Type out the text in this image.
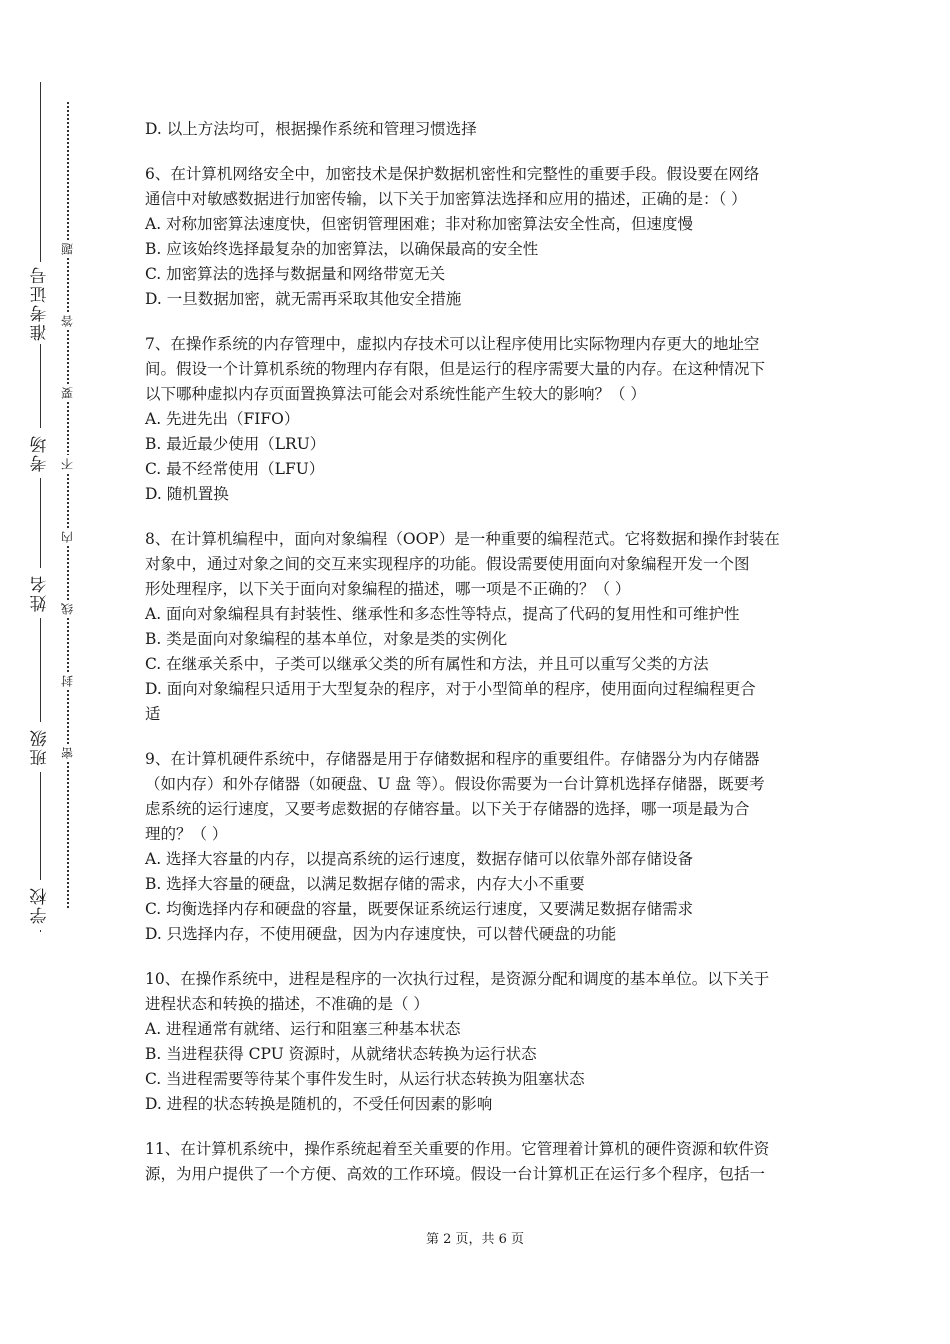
准考证号
考场
姓名
班级
学校
题
答
要
不
内
线
封
密
D. 以上方法均可，根据操作系统和管理习惯选择
6、在计算机网络安全中，加密技术是保护数据机密性和完整性的重要手段。假设要在网络
通信中对敏感数据进行加密传输，以下关于加密算法选择和应用的描述，正确的是：（ ）
A. 对称加密算法速度快，但密钥管理困难；非对称加密算法安全性高，但速度慢
B. 应该始终选择最复杂的加密算法，以确保最高的安全性
C. 加密算法的选择与数据量和网络带宽无关
D. 一旦数据加密，就无需再采取其他安全措施
7、在操作系统的内存管理中，虚拟内存技术可以让程序使用比实际物理内存更大的地址空
间。假设一个计算机系统的物理内存有限，但是运行的程序需要大量的内存。在这种情况下
以下哪种虚拟内存页面置换算法可能会对系统性能产生较大的影响？（ ）
A. 先进先出（FIFO）
B. 最近最少使用（LRU）
C. 最不经常使用（LFU）
D. 随机置换
8、在计算机编程中，面向对象编程（OOP）是一种重要的编程范式。它将数据和操作封装在
对象中，通过对象之间的交互来实现程序的功能。假设需要使用面向对象编程开发一个图
形处理程序，以下关于面向对象编程的描述，哪一项是不正确的？（ ）
A. 面向对象编程具有封装性、继承性和多态性等特点，提高了代码的复用性和可维护性
B. 类是面向对象编程的基本单位，对象是类的实例化
C. 在继承关系中，子类可以继承父类的所有属性和方法，并且可以重写父类的方法
D. 面向对象编程只适用于大型复杂的程序，对于小型简单的程序，使用面向过程编程更合
适
9、在计算机硬件系统中，存储器是用于存储数据和程序的重要组件。存储器分为内存储器
（如内存）和外存储器（如硬盘、U 盘 等）。假设你需要为一台计算机选择存储器，既要考
虑系统的运行速度，又要考虑数据的存储容量。以下关于存储器的选择，哪一项是最为合
理的？（ ）
A. 选择大容量的内存，以提高系统的运行速度，数据存储可以依靠外部存储设备
B. 选择大容量的硬盘，以满足数据存储的需求，内存大小不重要
C. 均衡选择内存和硬盘的容量，既要保证系统运行速度，又要满足数据存储需求
D. 只选择内存，不使用硬盘，因为内存速度快，可以替代硬盘的功能
10、在操作系统中，进程是程序的一次执行过程，是资源分配和调度的基本单位。以下关于
进程状态和转换的描述，不准确的是（ ）
A. 进程通常有就绪、运行和阻塞三种基本状态
B. 当进程获得 CPU 资源时，从就绪状态转换为运行状态
C. 当进程需要等待某个事件发生时，从运行状态转换为阻塞状态
D. 进程的状态转换是随机的，不受任何因素的影响
11、在计算机系统中，操作系统起着至关重要的作用。它管理着计算机的硬件资源和软件资
源，为用户提供了一个方便、高效的工作环境。假设一台计算机正在运行多个程序，包括一
第 2 页，共 6 页
